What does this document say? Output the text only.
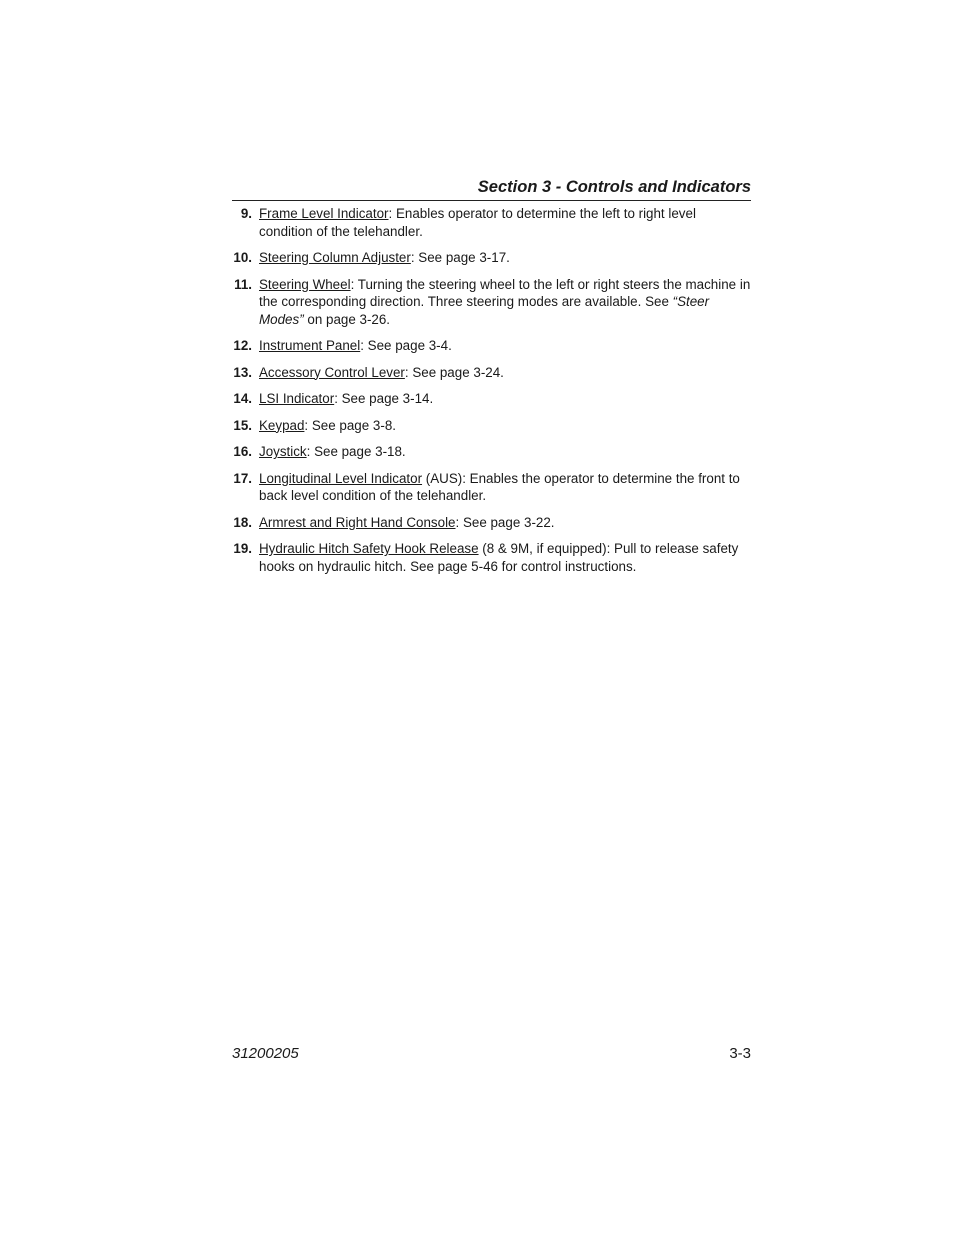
Section 3 - Controls and Indicators
9. Frame Level Indicator: Enables operator to determine the left to right level condition of the telehandler.
10. Steering Column Adjuster: See page 3-17.
11. Steering Wheel: Turning the steering wheel to the left or right steers the machine in the corresponding direction. Three steering modes are available. See “Steer Modes” on page 3-26.
12. Instrument Panel: See page 3-4.
13. Accessory Control Lever: See page 3-24.
14. LSI Indicator: See page 3-14.
15. Keypad: See page 3-8.
16. Joystick: See page 3-18.
17. Longitudinal Level Indicator (AUS): Enables the operator to determine the front to back level condition of the telehandler.
18. Armrest and Right Hand Console: See page 3-22.
19. Hydraulic Hitch Safety Hook Release (8 & 9M, if equipped): Pull to release safety hooks on hydraulic hitch. See page 5-46 for control instructions.
31200205	3-3
